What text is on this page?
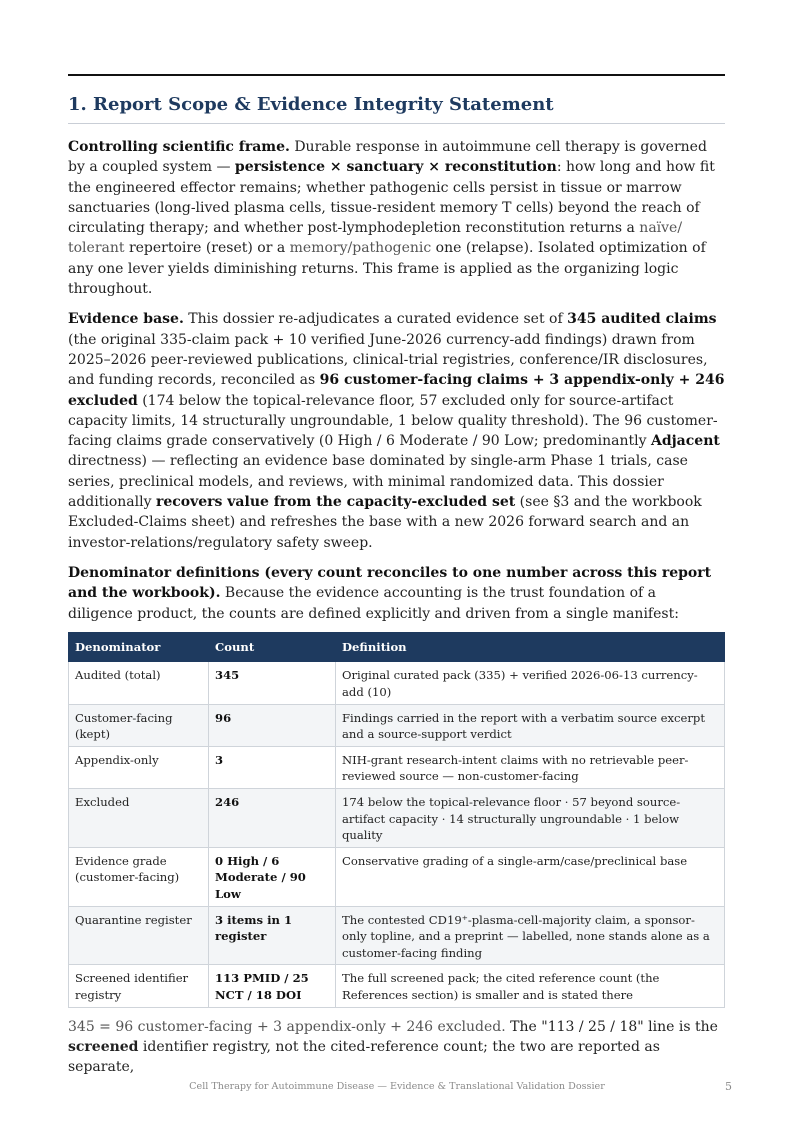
1. Report Scope & Evidence Integrity Statement

Controlling scientific frame. Durable response in autoimmune cell therapy is governed by a coupled system — persistence × sanctuary × reconstitution: how long and how fit the engineered effector remains; whether pathogenic cells persist in tissue or marrow sanctuaries (long-lived plasma cells, tissue-resident memory T cells) beyond the reach of circulating therapy; and whether post-lymphodepletion reconstitution returns a naïve/ tolerant repertoire (reset) or a memory/pathogenic one (relapse). Isolated optimization of any one lever yields diminishing returns. This frame is applied as the organizing logic throughout.

Evidence base. This dossier re-adjudicates a curated evidence set of 345 audited claims (the original 335-claim pack + 10 verified June-2026 currency-add findings) drawn from 2025–2026 peer-reviewed publications, clinical-trial registries, conference/IR disclosures, and funding records, reconciled as 96 customer-facing claims + 3 appendix-only + 246 excluded (174 below the topical-relevance floor, 57 excluded only for source-artifact capacity limits, 14 structurally ungroundable, 1 below quality threshold). The 96 customer-facing claims grade conservatively (0 High / 6 Moderate / 90 Low; predominantly Adjacent directness) — reflecting an evidence base dominated by single-arm Phase 1 trials, case series, preclinical models, and reviews, with minimal randomized data. This dossier additionally recovers value from the capacity-excluded set (see §3 and the workbook Excluded-Claims sheet) and refreshes the base with a new 2026 forward search and an investor-relations/regulatory safety sweep.

Denominator definitions (every count reconciles to one number across this report and the workbook). Because the evidence accounting is the trust foundation of a diligence product, the counts are defined explicitly and driven from a single manifest:

Denominator	Count	Definition
Audited (total)	345	Original curated pack (335) + verified 2026-06-13 currency-add (10)
Customer-facing (kept)	96	Findings carried in the report with a verbatim source excerpt and a source-support verdict
Appendix-only	3	NIH-grant research-intent claims with no retrievable peer-reviewed source — non-customer-facing
Excluded	246	174 below the topical-relevance floor · 57 beyond source-artifact capacity · 14 structurally ungroundable · 1 below quality
Evidence grade (customer-facing)	0 High / 6 Moderate / 90 Low	Conservative grading of a single-arm/case/preclinical base
Quarantine register	3 items in 1 register	The contested CD19⁺-plasma-cell-majority claim, a sponsor-only topline, and a preprint — labelled, none stands alone as a customer-facing finding
Screened identifier registry	113 PMID / 25 NCT / 18 DOI	The full screened pack; the cited reference count (the References section) is smaller and is stated there

345 = 96 customer-facing + 3 appendix-only + 246 excluded. The "113 / 25 / 18" line is the screened identifier registry, not the cited-reference count; the two are reported as separate,

Cell Therapy for Autoimmune Disease — Evidence & Translational Validation Dossier	5
